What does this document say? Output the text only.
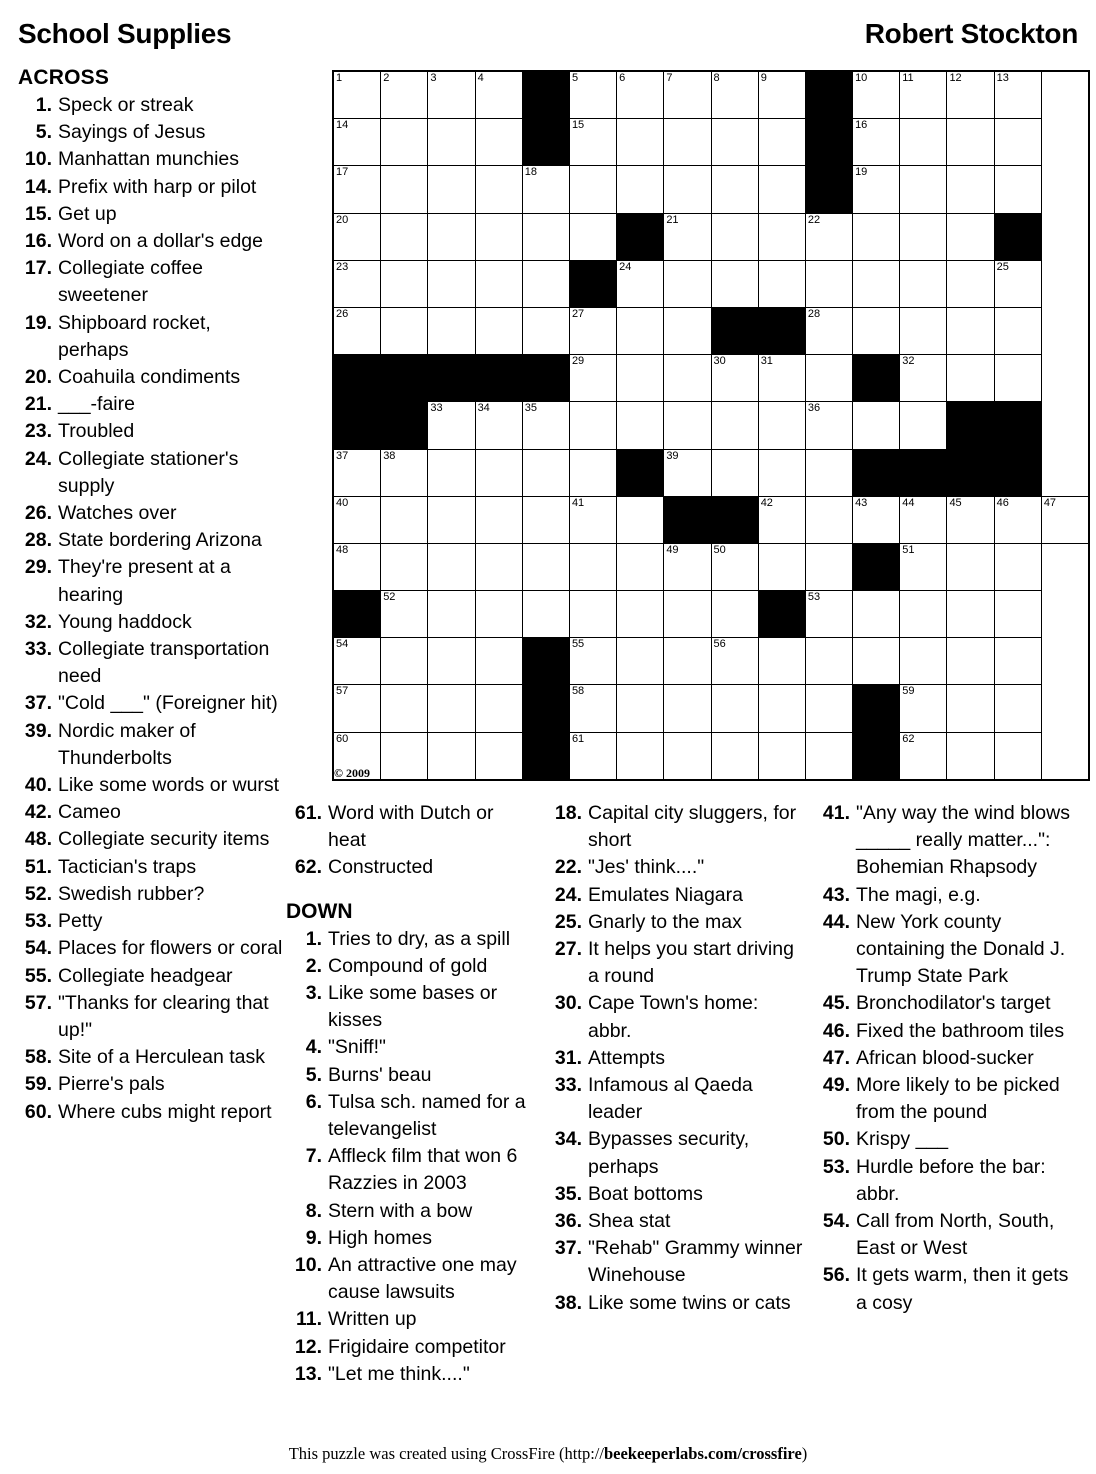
School Supplies	Robert Stockton
ACROSS
1. Speck or streak
5. Sayings of Jesus
10. Manhattan munchies
14. Prefix with harp or pilot
15. Get up
16. Word on a dollar's edge
17. Collegiate coffee sweetener
19. Shipboard rocket, perhaps
20. Coahuila condiments
21. ___-faire
23. Troubled
24. Collegiate stationer's supply
26. Watches over
28. State bordering Arizona
29. They're present at a hearing
32. Young haddock
33. Collegiate transportation need
37. "Cold ___" (Foreigner hit)
39. Nordic maker of Thunderbolts
40. Like some words or wurst
42. Cameo
48. Collegiate security items
51. Tactician's traps
52. Swedish rubber?
53. Petty
54. Places for flowers or coral
55. Collegiate headgear
57. "Thanks for clearing that up!"
58. Site of a Herculean task
59. Pierre's pals
60. Where cubs might report
1	2	3	4		5	6	7	8	9		10	11	12	13	

14					15						16				

17				18							19				

20							21			22					

23						24								25	

26					27					28					

					29			30	31			32			

		33	34	35						36					

37	38						39								

40					41				42		43	44	45	46	47

48							49	50				51			

	52									53					

54					55			56							

57					58							59			

60					61							62			

© 2009
61. Word with Dutch or heat
62. Constructed
DOWN
1. Tries to dry, as a spill
2. Compound of gold
3. Like some bases or kisses
4. "Sniff!"
5. Burns' beau
6. Tulsa sch. named for a televangelist
7. Affleck film that won 6 Razzies in 2003
8. Stern with a bow
9. High homes
10. An attractive one may cause lawsuits
11. Written up
12. Frigidaire competitor
13. "Let me think...."
18. Capital city sluggers, for short
22. "Jes' think...."
24. Emulates Niagara
25. Gnarly to the max
27. It helps you start driving a round
30. Cape Town's home: abbr.
31. Attempts
33. Infamous al Qaeda leader
34. Bypasses security, perhaps
35. Boat bottoms
36. Shea stat
37. "Rehab" Grammy winner Winehouse
38. Like some twins or cats
41. "Any way the wind blows _____ really matter...": Bohemian Rhapsody
43. The magi, e.g.
44. New York county containing the Donald J. Trump State Park
45. Bronchodilator's target
46. Fixed the bathroom tiles
47. African blood-sucker
49. More likely to be picked from the pound
50. Krispy ___
53. Hurdle before the bar: abbr.
54. Call from North, South, East or West
56. It gets warm, then it gets a cosy
This puzzle was created using CrossFire (http://beekeeperlabs.com/crossfire)
